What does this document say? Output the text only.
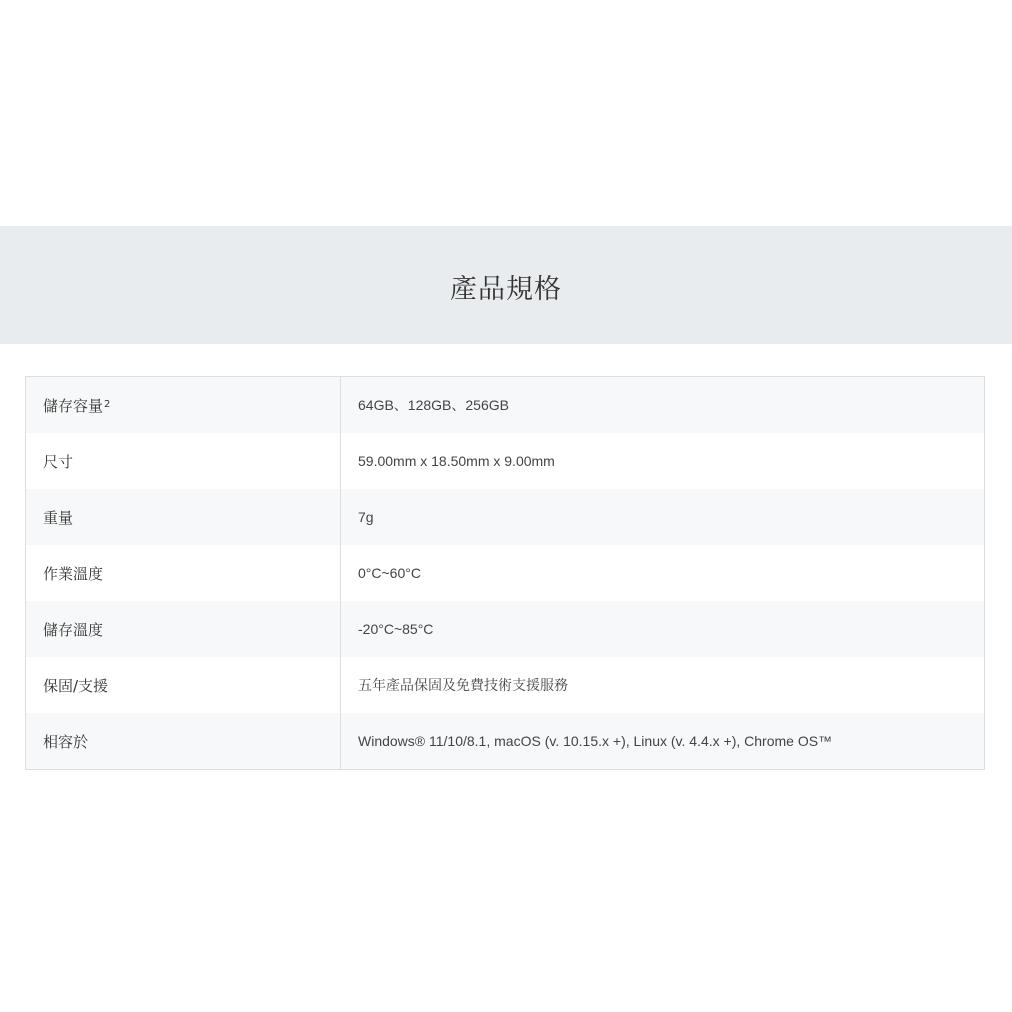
產品規格
儲存容量 2	64GB、128GB、256GB
尺寸	59.00mm x 18.50mm x 9.00mm
重量	7g
作業溫度	0°C~60°C
儲存溫度	-20°C~85°C
保固/支援	五年產品保固及免費技術支援服務
相容於	Windows® 11/10/8.1, macOS (v. 10.15.x +), Linux (v. 4.4.x +), Chrome OS™
